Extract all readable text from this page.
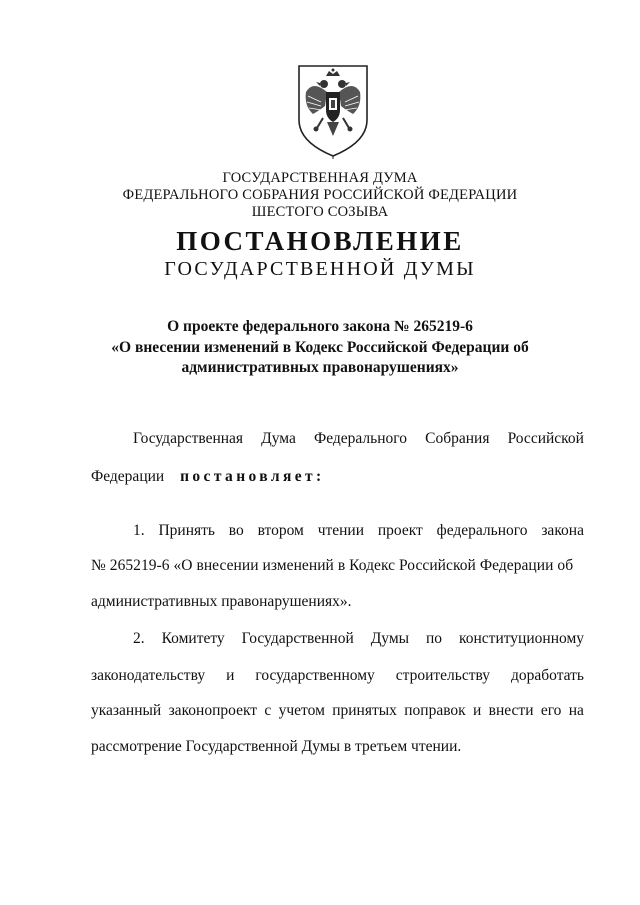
ГОСУДАРСТВЕННАЯ ДУМА
ФЕДЕРАЛЬНОГО СОБРАНИЯ РОССИЙСКОЙ ФЕДЕРАЦИИ
ШЕСТОГО СОЗЫВА
ПОСТАНОВЛЕНИЕ
ГОСУДАРСТВЕННОЙ ДУМЫ
О проекте федерального закона № 265219-6
«О внесении изменений в Кодекс Российской Федерации об
административных правонарушениях»
Государственная Дума Федерального Собрания Российской
Федерации постановляет:
1. Принять во втором чтении проект федерального закона
№ 265219-6 «О внесении изменений в Кодекс Российской Федерации об
административных правонарушениях».
2. Комитету Государственной Думы по конституционному
законодательству и государственному строительству доработать
указанный законопроект с учетом принятых поправок и внести его на
рассмотрение Государственной Думы в третьем чтении.
